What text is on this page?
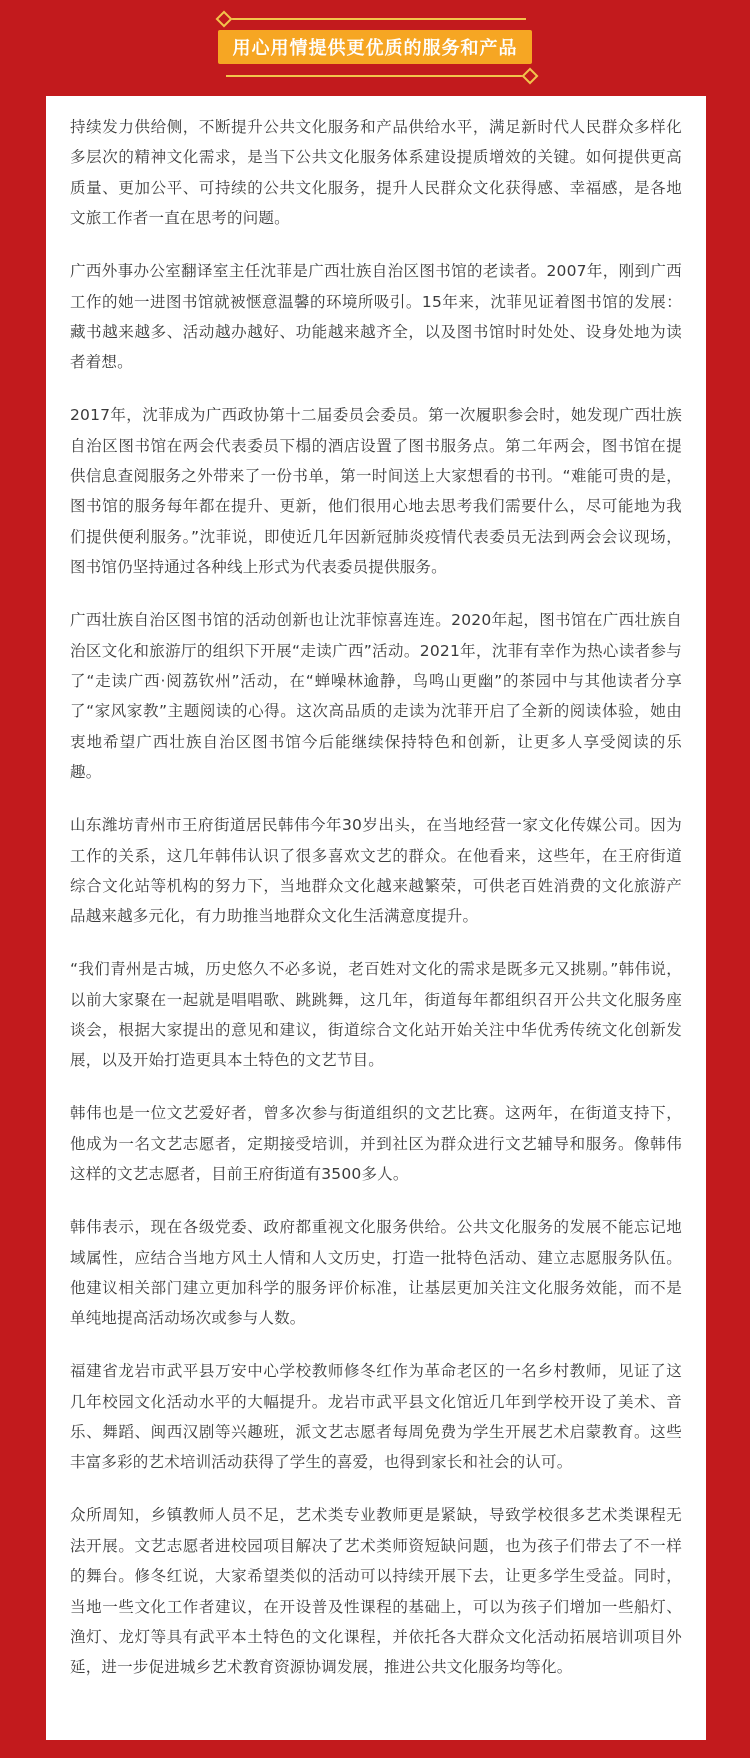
用心用情提供更优质的服务和产品

持续发力供给侧，不断提升公共文化服务和产品供给水平，满足新时代人民群众多样化多层次的精神文化需求，是当下公共文化服务体系建设提质增效的关键。如何提供更高质量、更加公平、可持续的公共文化服务，提升人民群众文化获得感、幸福感，是各地文旅工作者一直在思考的问题。

广西外事办公室翻译室主任沈菲是广西壮族自治区图书馆的老读者。2007年，刚到广西工作的她一进图书馆就被惬意温馨的环境所吸引。15年来，沈菲见证着图书馆的发展：藏书越来越多、活动越办越好、功能越来越齐全，以及图书馆时时处处、设身处地为读者着想。

2017年，沈菲成为广西政协第十二届委员会委员。第一次履职参会时，她发现广西壮族自治区图书馆在两会代表委员下榻的酒店设置了图书服务点。第二年两会，图书馆在提供信息查阅服务之外带来了一份书单，第一时间送上大家想看的书刊。“难能可贵的是，图书馆的服务每年都在提升、更新，他们很用心地去思考我们需要什么，尽可能地为我们提供便利服务。”沈菲说，即使近几年因新冠肺炎疫情代表委员无法到两会会议现场，图书馆仍坚持通过各种线上形式为代表委员提供服务。

广西壮族自治区图书馆的活动创新也让沈菲惊喜连连。2020年起，图书馆在广西壮族自治区文化和旅游厅的组织下开展“走读广西”活动。2021年，沈菲有幸作为热心读者参与了“走读广西·阅荔钦州”活动，在“蝉噪林逾静，鸟鸣山更幽”的茶园中与其他读者分享了“家风家教”主题阅读的心得。这次高品质的走读为沈菲开启了全新的阅读体验，她由衷地希望广西壮族自治区图书馆今后能继续保持特色和创新，让更多人享受阅读的乐趣。

山东潍坊青州市王府街道居民韩伟今年30岁出头，在当地经营一家文化传媒公司。因为工作的关系，这几年韩伟认识了很多喜欢文艺的群众。在他看来，这些年，在王府街道综合文化站等机构的努力下，当地群众文化越来越繁荣，可供老百姓消费的文化旅游产品越来越多元化，有力助推当地群众文化生活满意度提升。

“我们青州是古城，历史悠久不必多说，老百姓对文化的需求是既多元又挑剔。”韩伟说，以前大家聚在一起就是唱唱歌、跳跳舞，这几年，街道每年都组织召开公共文化服务座谈会，根据大家提出的意见和建议，街道综合文化站开始关注中华优秀传统文化创新发展，以及开始打造更具本土特色的文艺节目。

韩伟也是一位文艺爱好者，曾多次参与街道组织的文艺比赛。这两年，在街道支持下，他成为一名文艺志愿者，定期接受培训，并到社区为群众进行文艺辅导和服务。像韩伟这样的文艺志愿者，目前王府街道有3500多人。

韩伟表示，现在各级党委、政府都重视文化服务供给。公共文化服务的发展不能忘记地域属性，应结合当地方风土人情和人文历史，打造一批特色活动、建立志愿服务队伍。他建议相关部门建立更加科学的服务评价标准，让基层更加关注文化服务效能，而不是单纯地提高活动场次或参与人数。

福建省龙岩市武平县万安中心学校教师修冬红作为革命老区的一名乡村教师，见证了这几年校园文化活动水平的大幅提升。龙岩市武平县文化馆近几年到学校开设了美术、音乐、舞蹈、闽西汉剧等兴趣班，派文艺志愿者每周免费为学生开展艺术启蒙教育。这些丰富多彩的艺术培训活动获得了学生的喜爱，也得到家长和社会的认可。

众所周知，乡镇教师人员不足，艺术类专业教师更是紧缺，导致学校很多艺术类课程无法开展。文艺志愿者进校园项目解决了艺术类师资短缺问题，也为孩子们带去了不一样的舞台。修冬红说，大家希望类似的活动可以持续开展下去，让更多学生受益。同时，当地一些文化工作者建议，在开设普及性课程的基础上，可以为孩子们增加一些船灯、渔灯、龙灯等具有武平本土特色的文化课程，并依托各大群众文化活动拓展培训项目外延，进一步促进城乡艺术教育资源协调发展，推进公共文化服务均等化。
